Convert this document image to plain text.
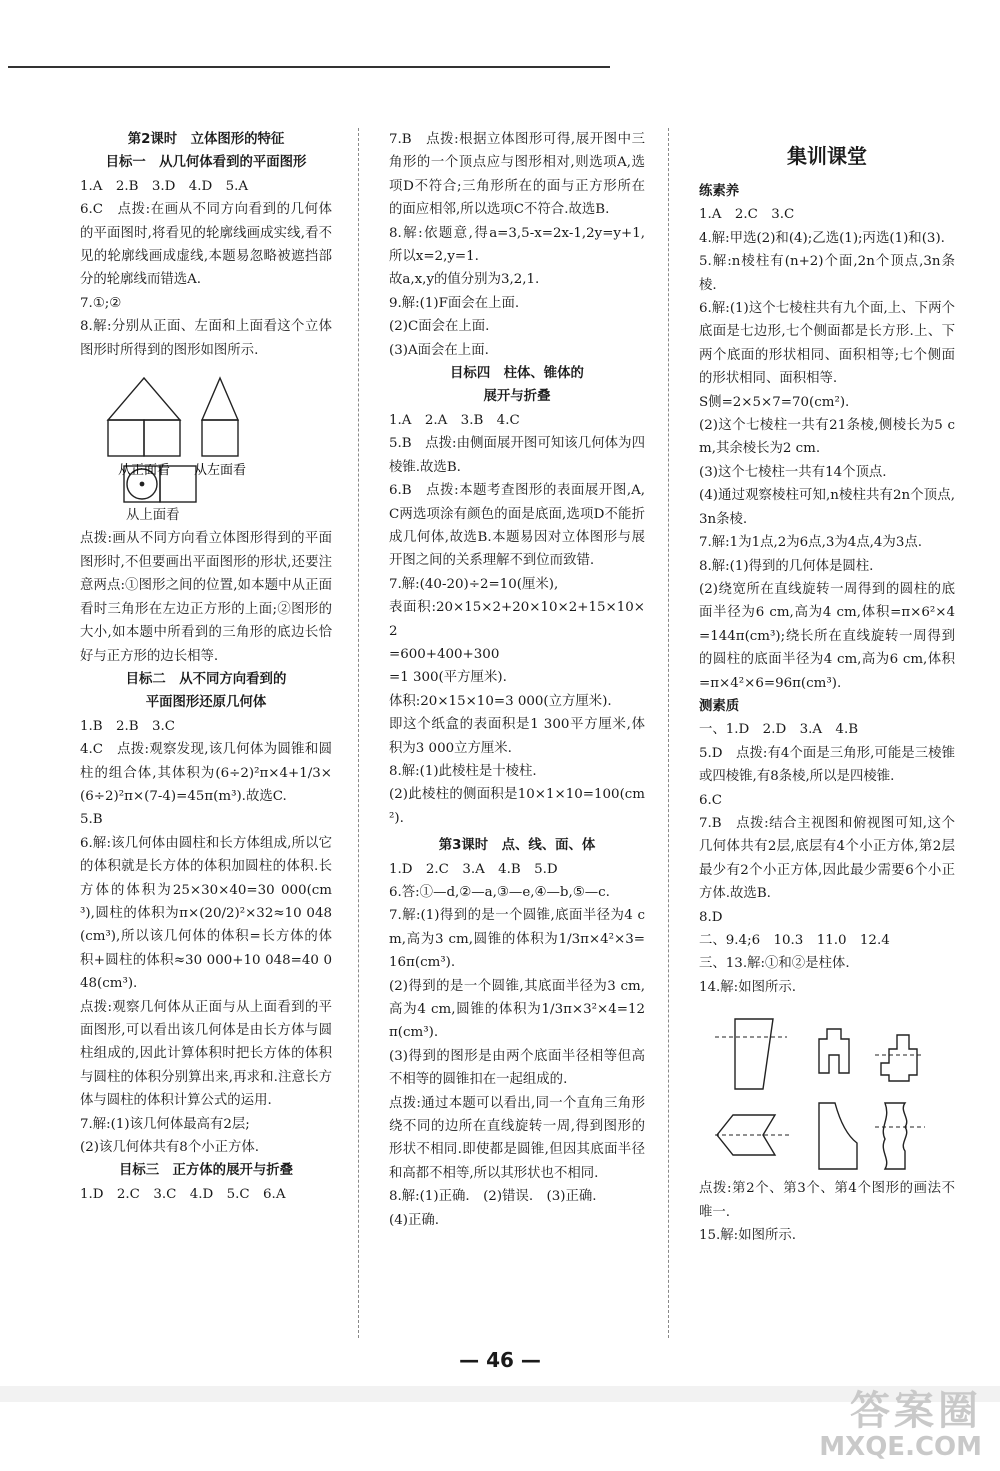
第2课时　立体图形的特征

目标一　从几何体看到的平面图形

1.A　2.B　3.D　4.D　5.A

6.C　点拨:在画从不同方向看到的几何体的平面图时,将看见的轮廓线画成实线,看不见的轮廓线画成虚线,本题易忽略被遮挡部分的轮廓线而错选A.

7.①;②

8.解:分别从正面、左面和上面看这个立体图形时所得到的图形如图所示.

从正面看 从左面看

从上面看

点拨:画从不同方向看立体图形得到的平面图形时,不但要画出平面图形的形状,还要注意两点:①图形之间的位置,如本题中从正面看时三角形在左边正方形的上面;②图形的大小,如本题中所看到的三角形的底边长恰好与正方形的边长相等.

目标二　从不同方向看到的

平面图形还原几何体

1.B　2.B　3.C

4.C　点拨:观察发现,该几何体为圆锥和圆柱的组合体,其体积为(6÷2)²π×4+1/3×(6÷2)²π×(7-4)=45π(m³).故选C.

5.B

6.解:该几何体由圆柱和长方体组成,所以它的体积就是长方体的体积加圆柱的体积.长方体的体积为25×30×40=30 000(cm³),圆柱的体积为π×(20/2)²×32≈10 048(cm³),所以该几何体的体积=长方体的体积+圆柱的体积≈30 000+10 048=40 048(cm³).

点拨:观察几何体从正面与从上面看到的平面图形,可以看出该几何体是由长方体与圆柱组成的,因此计算体积时把长方体的体积与圆柱的体积分别算出来,再求和.注意长方体与圆柱的体积计算公式的运用.

7.解:(1)该几何体最高有2层;

(2)该几何体共有8个小正方体.

目标三　正方体的展开与折叠

1.D　2.C　3.C　4.D　5.C　6.A

7.B　点拨:根据立体图形可得,展开图中三角形的一个顶点应与图形相对,则选项A,选项D不符合;三角形所在的面与正方形所在的面应相邻,所以选项C不符合.故选B.

8.解:依题意,得a=3,5-x=2x-1,2y=y+1,所以x=2,y=1.

故a,x,y的值分别为3,2,1.

9.解:(1)F面会在上面.

(2)C面会在上面.

(3)A面会在上面.

目标四　柱体、锥体的

展开与折叠

1.A　2.A　3.B　4.C

5.B　点拨:由侧面展开图可知该几何体为四棱锥.故选B.

6.B　点拨:本题考查图形的表面展开图,A,C两选项涂有颜色的面是底面,选项D不能折成几何体,故选B.本题易因对立体图形与展开图之间的关系理解不到位而致错.

7.解:(40-20)÷2=10(厘米),

表面积:20×15×2+20×10×2+15×10×2

=600+400+300

=1 300(平方厘米).

体积:20×15×10=3 000(立方厘米).

即这个纸盒的表面积是1 300平方厘米,体积为3 000立方厘米.

8.解:(1)此棱柱是十棱柱.

(2)此棱柱的侧面积是10×1×10=100(cm²).

第3课时　点、线、面、体

1.D　2.C　3.A　4.B　5.D

6.答:①—d,②—a,③—e,④—b,⑤—c.

7.解:(1)得到的是一个圆锥,底面半径为4 cm,高为3 cm,圆锥的体积为1/3π×4²×3=16π(cm³).

(2)得到的是一个圆锥,其底面半径为3 cm,高为4 cm,圆锥的体积为1/3π×3²×4=12π(cm³).

(3)得到的图形是由两个底面半径相等但高不相等的圆锥扣在一起组成的.

点拨:通过本题可以看出,同一个直角三角形绕不同的边所在直线旋转一周,得到图形的形状不相同.即使都是圆锥,但因其底面半径和高都不相等,所以其形状也不相同.

8.解:(1)正确.　(2)错误.　(3)正确.

(4)正确.

集训课堂

练素养

1.A　2.C　3.C

4.解:甲选(2)和(4);乙选(1);丙选(1)和(3).

5.解:n棱柱有(n+2)个面,2n个顶点,3n条棱.

6.解:(1)这个七棱柱共有九个面,上、下两个底面是七边形,七个侧面都是长方形.上、下两个底面的形状相同、面积相等;七个侧面的形状相同、面积相等.

S侧=2×5×7=70(cm²).

(2)这个七棱柱一共有21条棱,侧棱长为5 cm,其余棱长为2 cm.

(3)这个七棱柱一共有14个顶点.

(4)通过观察棱柱可知,n棱柱共有2n个顶点,3n条棱.

7.解:1为1点,2为6点,3为4点,4为3点.

8.解:(1)得到的几何体是圆柱.

(2)绕宽所在直线旋转一周得到的圆柱的底面半径为6 cm,高为4 cm,体积=π×6²×4=144π(cm³);绕长所在直线旋转一周得到的圆柱的底面半径为4 cm,高为6 cm,体积=π×4²×6=96π(cm³).

测素质

一、1.D　2.D　3.A　4.B

5.D　点拨:有4个面是三角形,可能是三棱锥或四棱锥,有8条棱,所以是四棱锥.

6.C

7.B　点拨:结合主视图和俯视图可知,这个几何体共有2层,底层有4个小正方体,第2层最少有2个小正方体,因此最少需要6个小正方体.故选B.

8.D

二、9.4;6　10.3　11.0　12.4

三、13.解:①和②是柱体.

14.解:如图所示.

点拨:第2个、第3个、第4个图形的画法不唯一.

15.解:如图所示.

— 46 —
答案圈
MXQE.COM
